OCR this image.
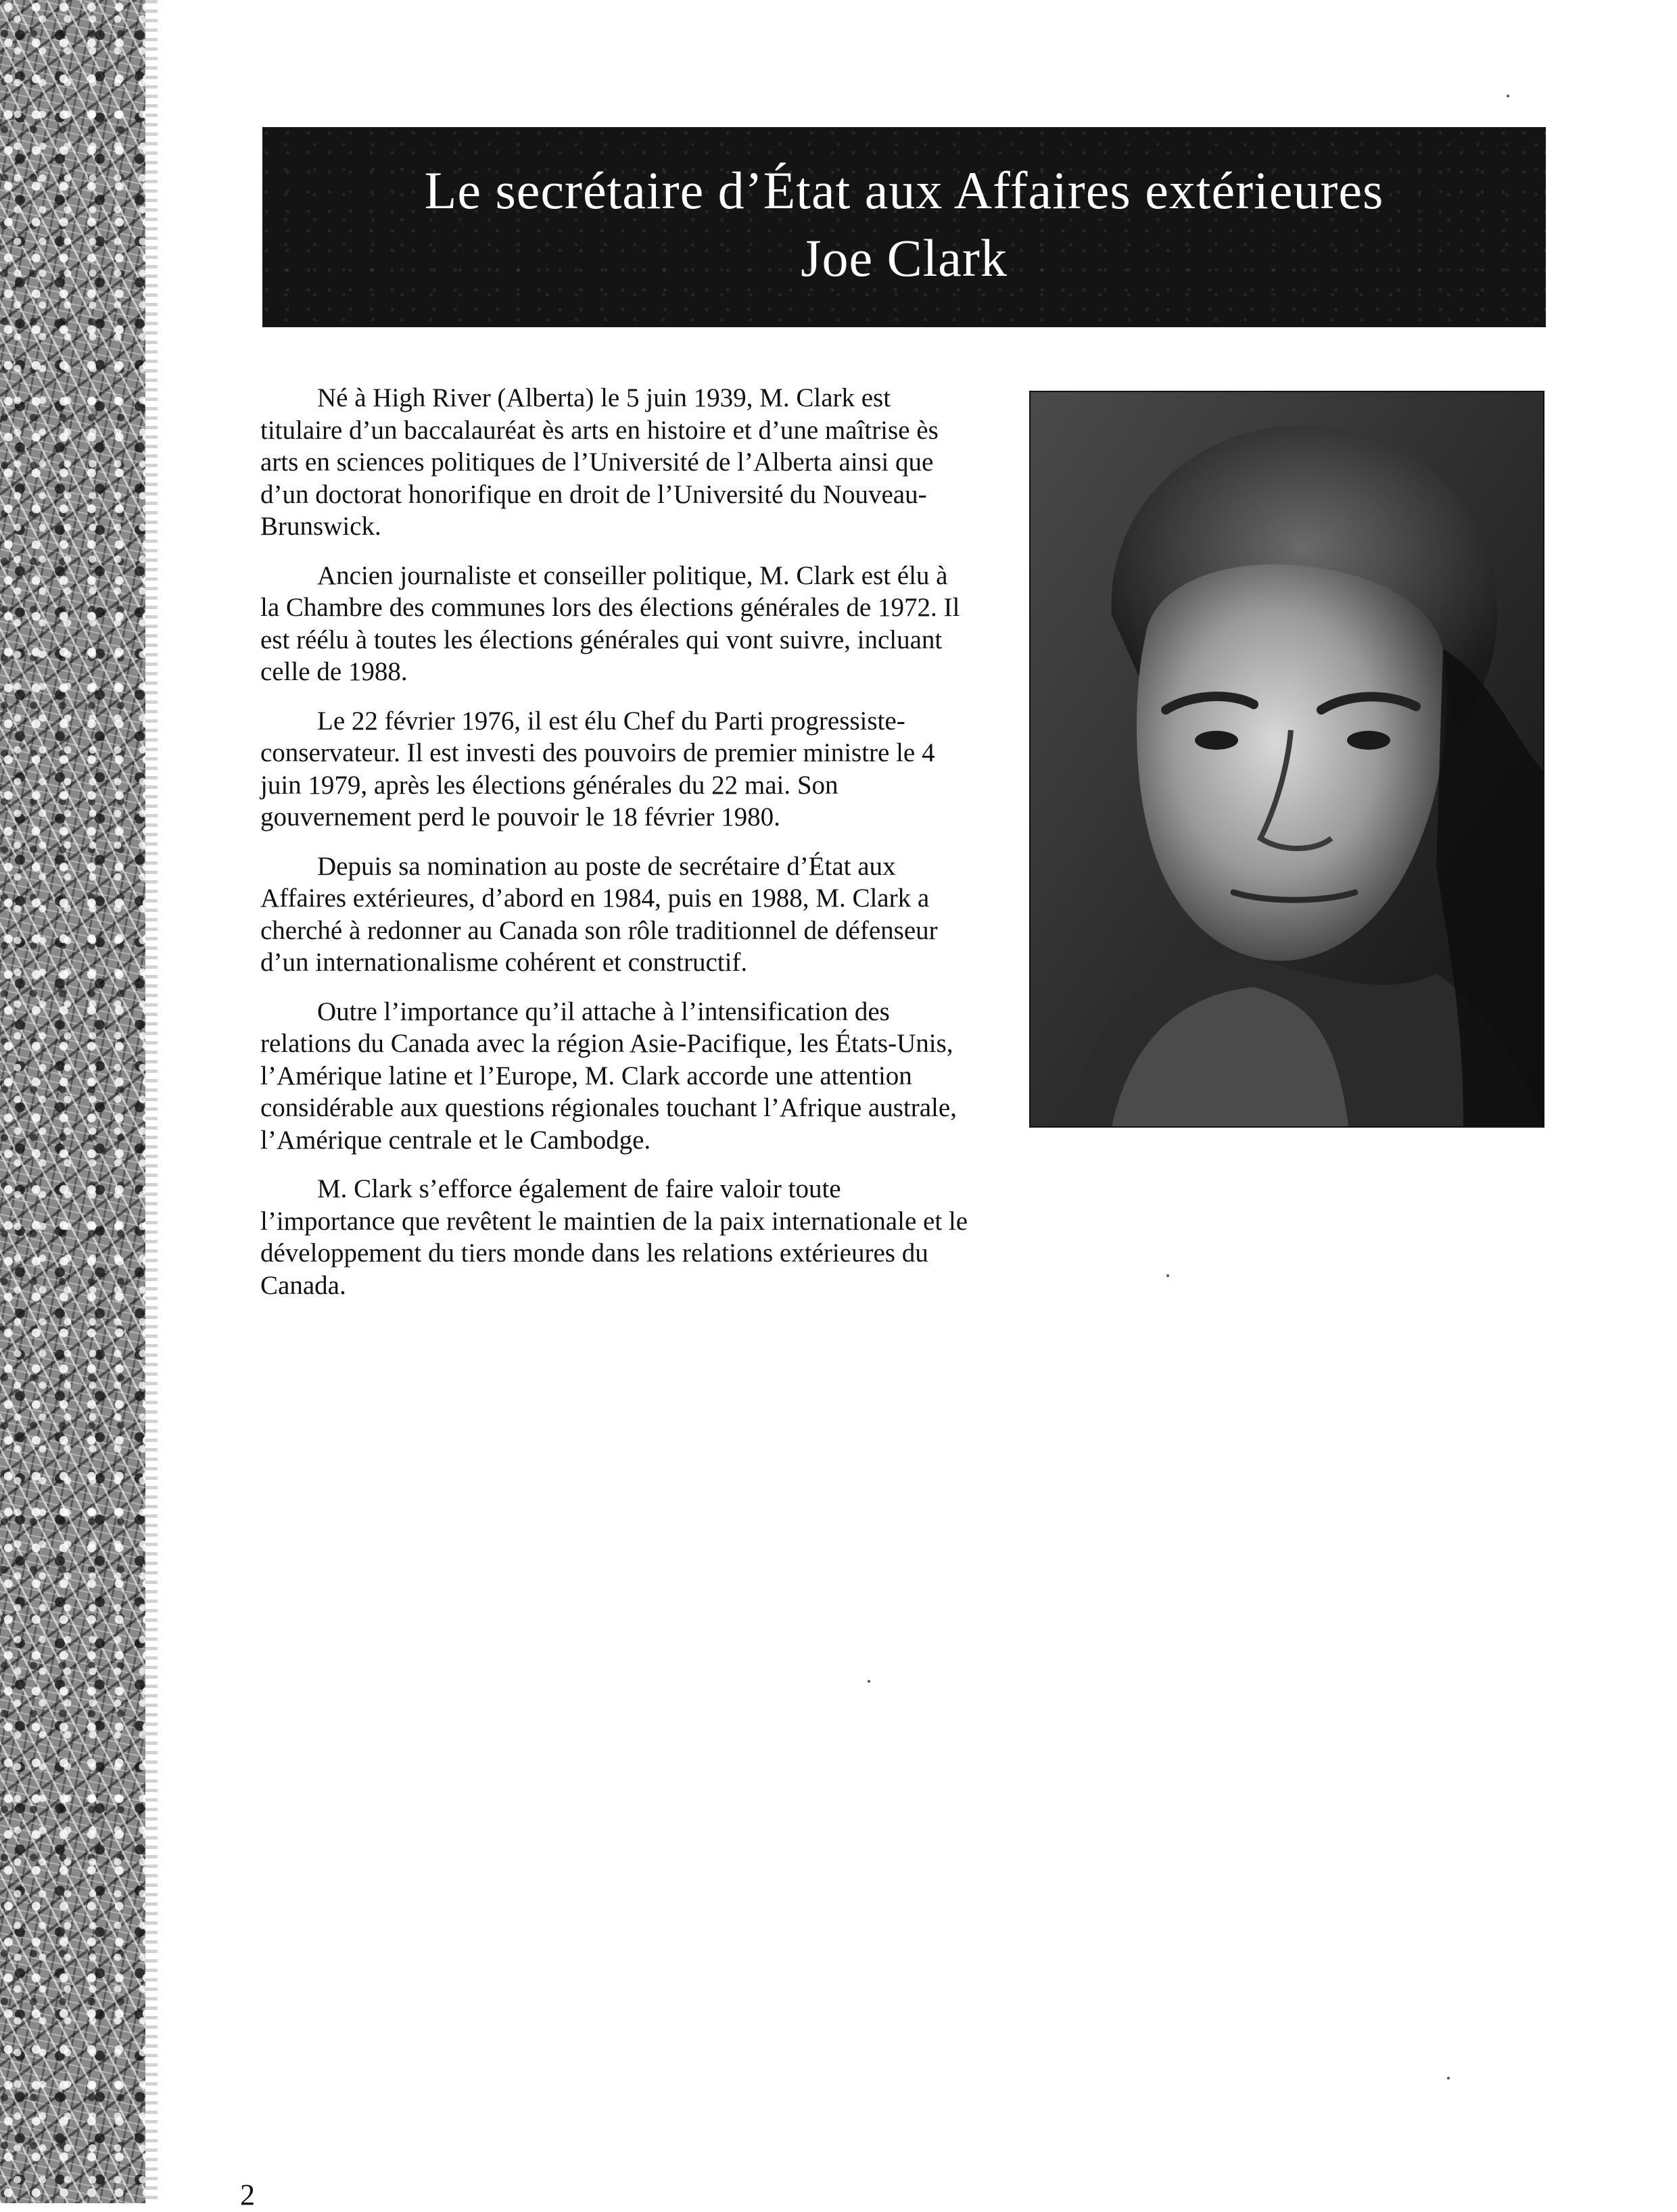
Le secrétaire d’État aux Affaires extérieures
Joe Clark

Né à High River (Alberta) le 5 juin 1939, M. Clark est titulaire d’un baccalauréat ès arts en histoire et d’une maîtrise ès arts en sciences politiques de l’Université de l’Alberta ainsi que d’un doctorat honorifique en droit de l’Université du Nouveau-Brunswick.

Ancien journaliste et conseiller politique, M. Clark est élu à la Chambre des communes lors des élections générales de 1972. Il est réélu à toutes les élections générales qui vont suivre, incluant celle de 1988.

Le 22 février 1976, il est élu Chef du Parti progressiste-conservateur. Il est investi des pouvoirs de premier ministre le 4 juin 1979, après les élections générales du 22 mai. Son gouvernement perd le pouvoir le 18 février 1980.

Depuis sa nomination au poste de secrétaire d’État aux Affaires extérieures, d’abord en 1984, puis en 1988, M. Clark a cherché à redonner au Canada son rôle traditionnel de défenseur d’un internationalisme cohérent et constructif.

Outre l’importance qu’il attache à l’intensification des relations du Canada avec la région Asie-Pacifique, les États-Unis, l’Amérique latine et l’Europe, M. Clark accorde une attention considérable aux questions régionales touchant l’Afrique australe, l’Amérique centrale et le Cambodge.

M. Clark s’efforce également de faire valoir toute l’importance que revêtent le maintien de la paix internationale et le développement du tiers monde dans les relations extérieures du Canada.

2
